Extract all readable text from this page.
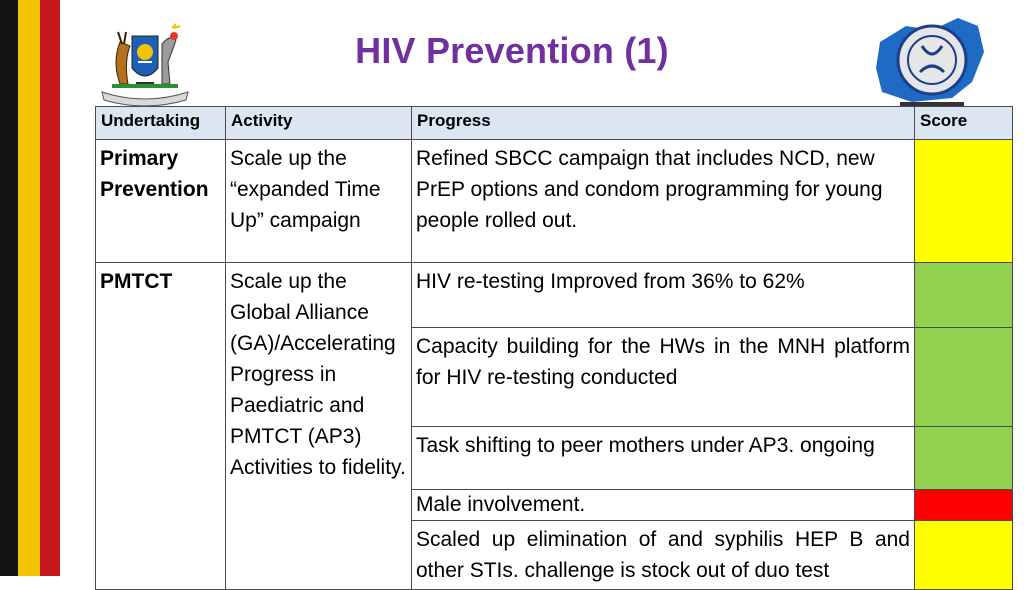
HIV Prevention (1)
Undertaking	Activity	Progress	Score
Primary Prevention	Scale up the “expanded Time Up” campaign	Refined SBCC campaign that includes NCD, new PrEP options and condom programming for young people rolled out.	
PMTCT	Scale up the Global Alliance (GA)/Accelerating Progress in Paediatric and PMTCT (AP3) Activities to fidelity.	HIV re-testing Improved from 36% to 62%	
		Capacity building for the HWs in the MNH platform for HIV re-testing conducted	
		Task shifting to peer mothers under AP3. ongoing	
		Male involvement.	
		Scaled up elimination of and syphilis HEP B and other STIs. challenge is stock out of duo test	
